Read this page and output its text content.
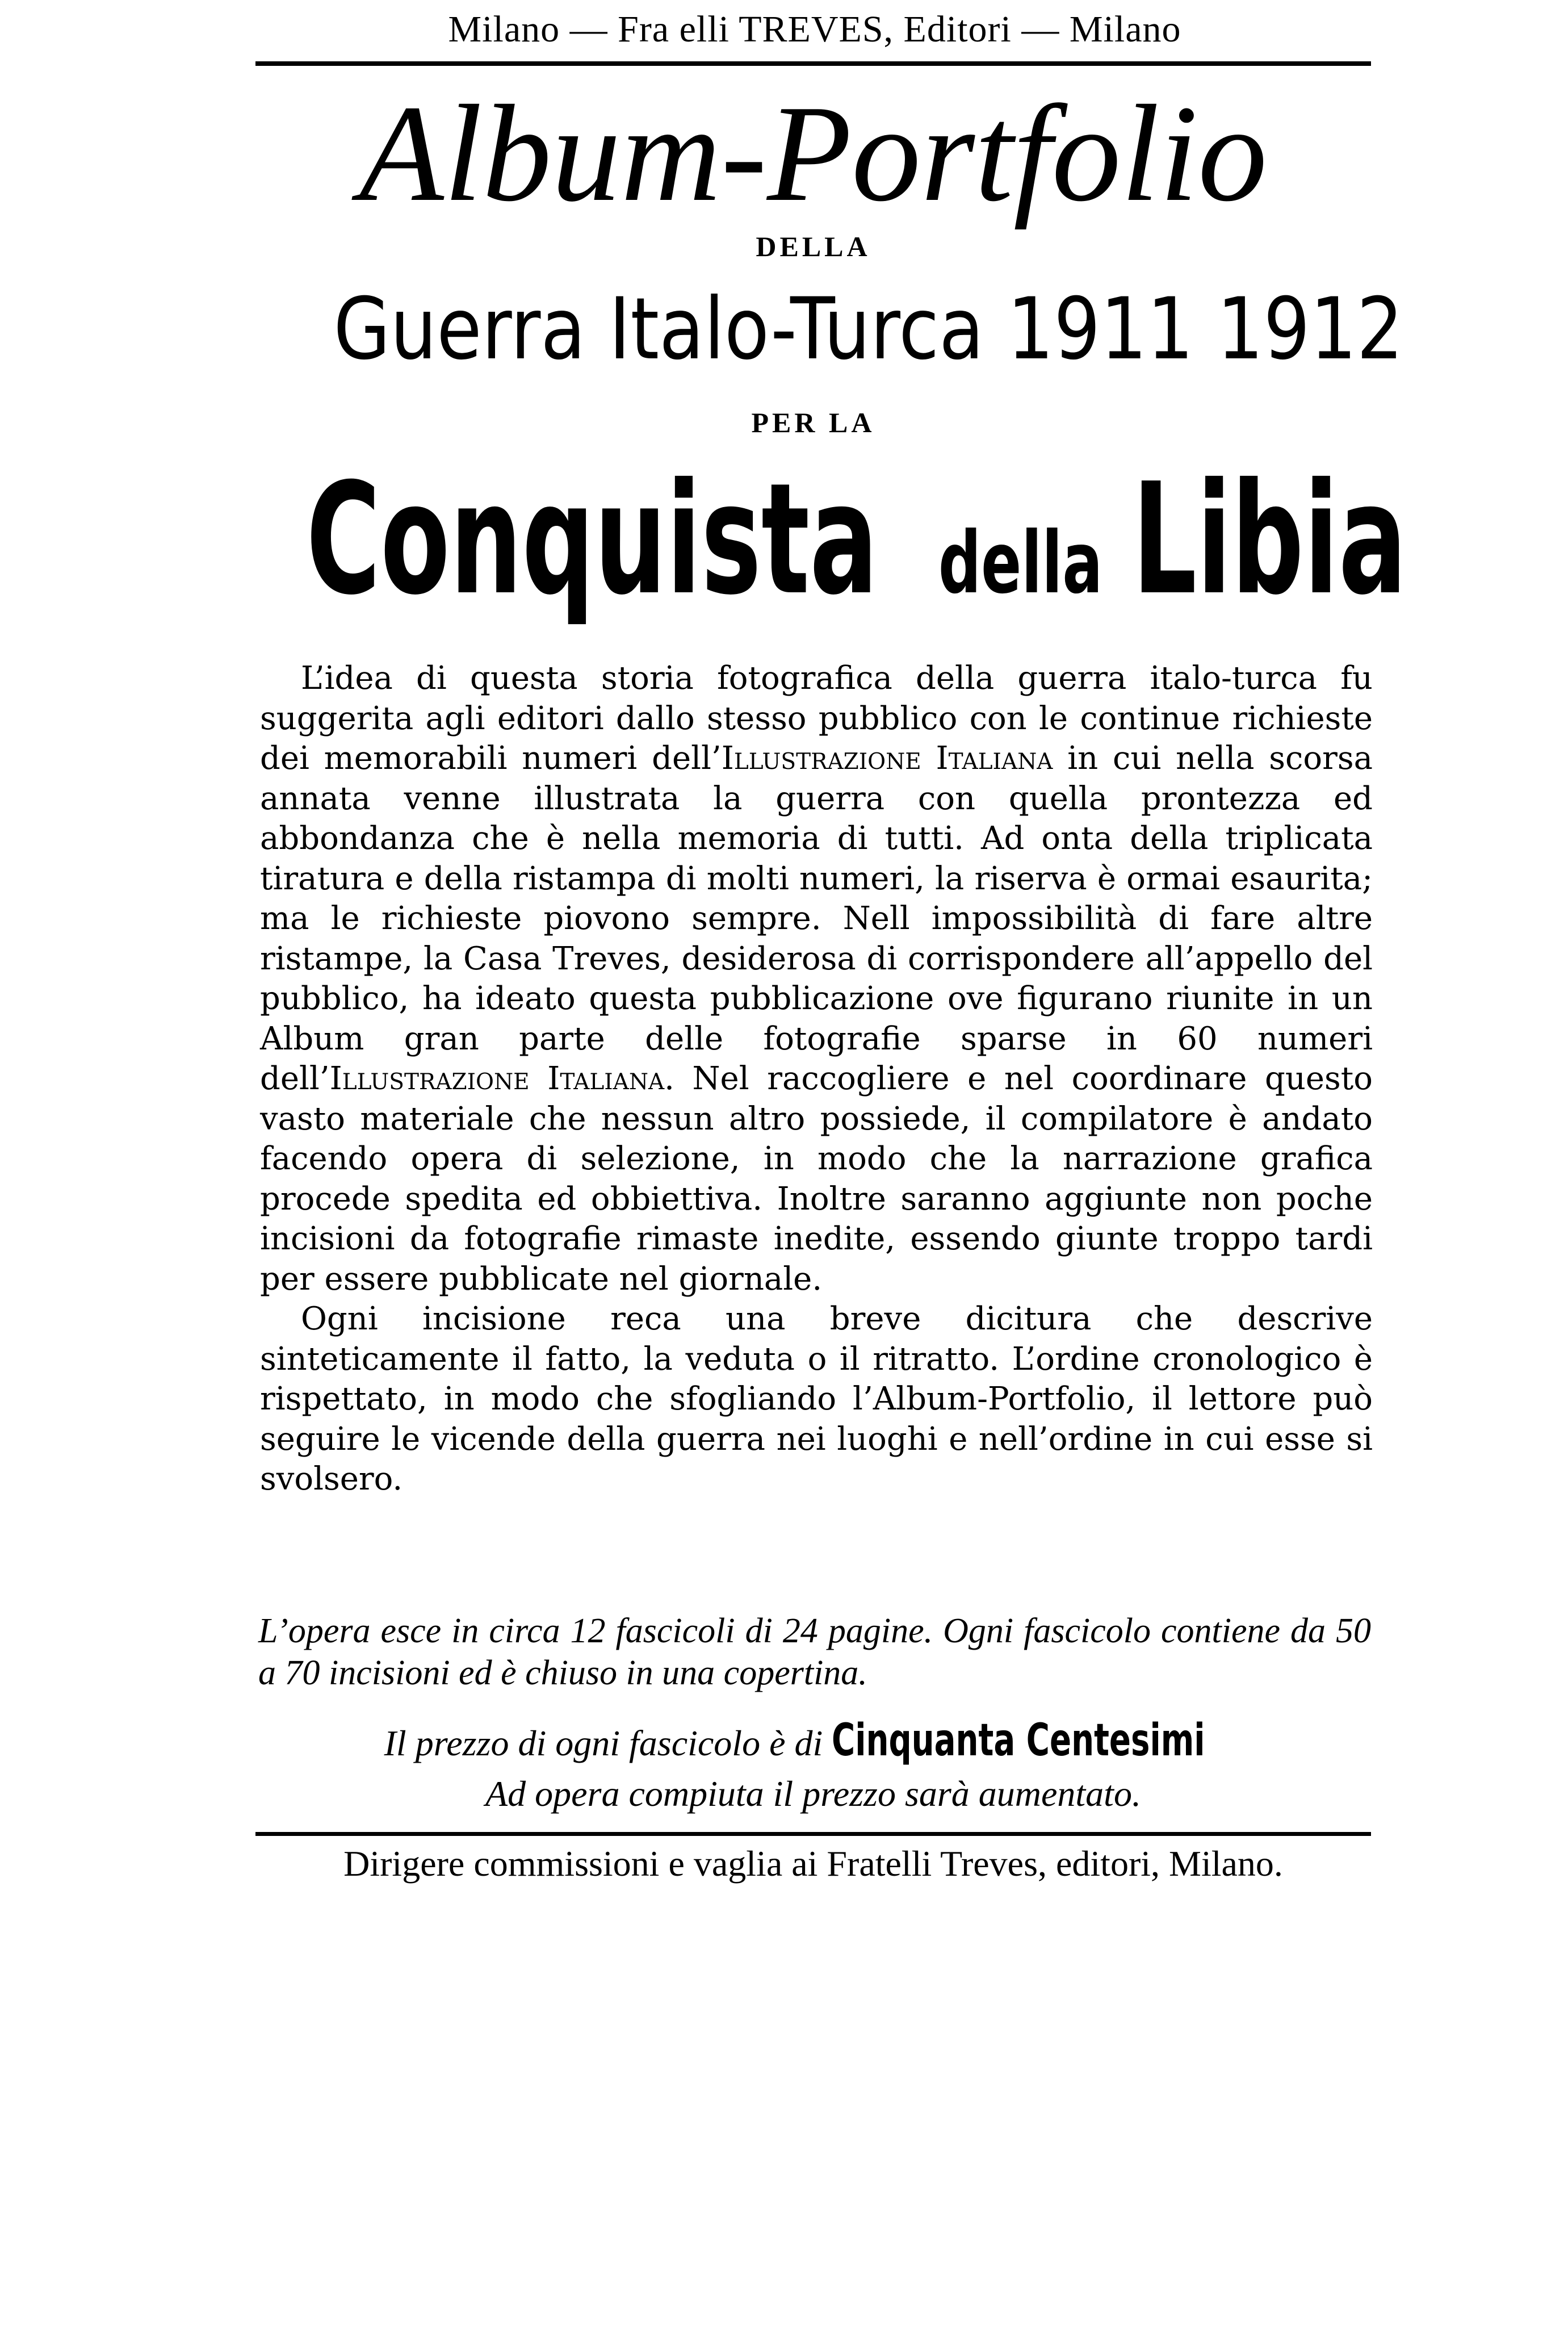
Milano — Fra elli TREVES, Editori — Milano
Album-Portfolio
DELLA
Guerra Italo-Turca 1911 1912
PER LA
Conquista della Libia

L’idea di questa storia fotografica della guerra italo-turca fu suggerita agli editori dallo stesso pubblico con le continue richieste dei memorabili numeri dell’Illustrazione Italiana in cui nella scorsa annata venne illustrata la guerra con quella prontezza ed abbondanza che è nella memoria di tutti. Ad onta della triplicata tiratura e della ristampa di molti numeri, la riserva è ormai esaurita; ma le richieste piovono sempre. Nell impossibilità di fare altre ristampe, la Casa Treves, desiderosa di corrispondere all’appello del pubblico, ha ideato questa pubblicazione ove figurano riunite in un Album gran parte delle fotografie sparse in 60 numeri dell’Illustrazione Italiana. Nel raccogliere e nel coordinare questo vasto materiale che nessun altro possiede, il compilatore è andato facendo opera di selezione, in modo che la narrazione grafica procede spedita ed obbiettiva. Inoltre saranno aggiunte non poche incisioni da fotografie rimaste inedite, essendo giunte troppo tardi per essere pubblicate nel giornale.

Ogni incisione reca una breve dicitura che descrive sinteticamente il fatto, la veduta o il ritratto. L’ordine cronologico è rispettato, in modo che sfogliando l’Album-Portfolio, il lettore può seguire le vicende della guerra nei luoghi e nell’ordine in cui esse si svolsero.

L’opera esce in circa 12 fascicoli di 24 pagine. Ogni fascicolo contiene da 50 a 70 incisioni ed è chiuso in una copertina.

Il prezzo di ogni fascicolo è di Cinquanta Centesimi
Ad opera compiuta il prezzo sarà aumentato.
Dirigere commissioni e vaglia ai Fratelli Treves, editori, Milano.
